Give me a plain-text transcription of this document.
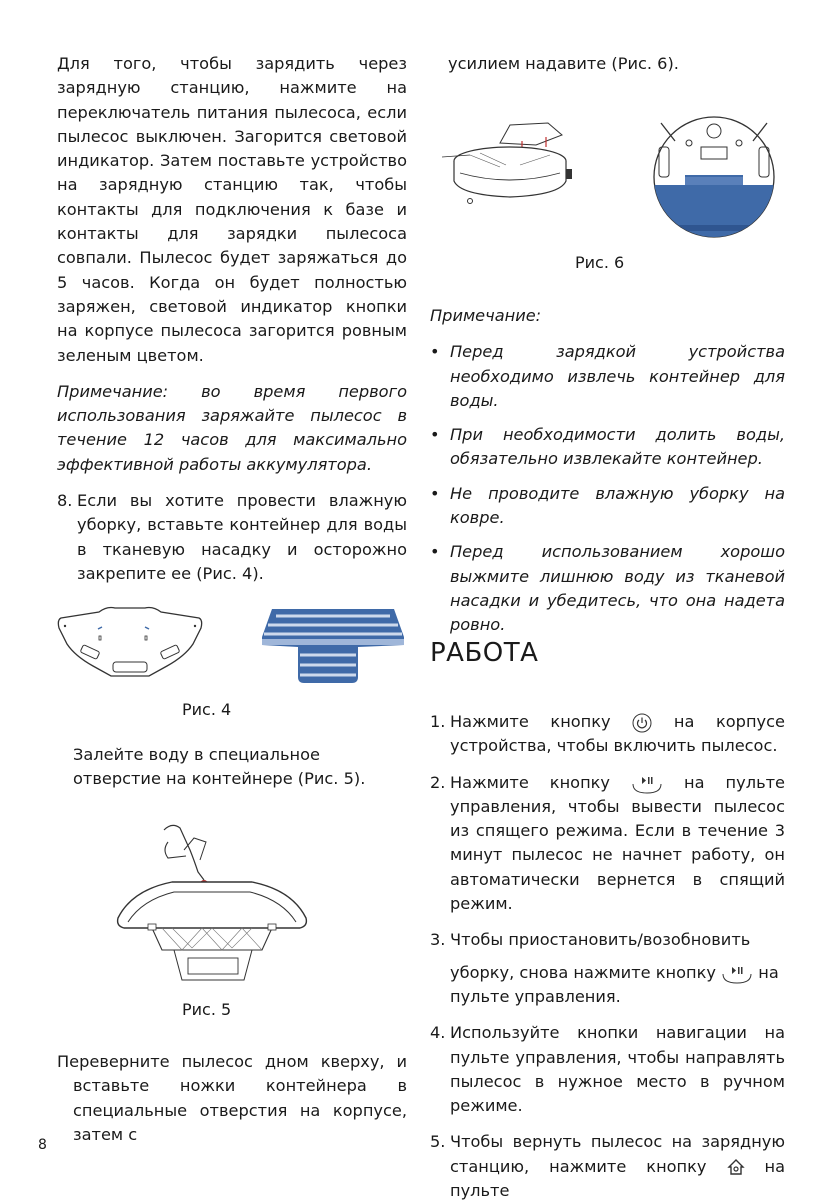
Для того, чтобы зарядить через зарядную станцию, нажмите на переключатель питания пылесоса, если пылесос выключен. Загорится световой индикатор. Затем поставьте устройство на зарядную станцию так, чтобы контакты для подключения к базе и контакты для зарядки пылесоса совпали. Пылесос будет заряжаться до 5 часов. Когда он будет полностью заряжен, световой индикатор кнопки на корпусе пылесоса загорится ровным зеленым цветом.

Примечание: во время первого использования заряжайте пылесос в течение 12 часов для максимально эффективной работы аккумулятора.

8. Если вы хотите провести влажную уборку, вставьте контейнер для воды в тканевую насадку и осторожно закрепите ее (Рис. 4).
Рис. 4

Залейте воду в специальное отверстие на контейнере (Рис. 5).

Рис. 5

Переверните пылесос дном кверху, и вставьте ножки контейнера в специальные отверстия на корпусе, затем с

усилием надавите (Рис. 6).

Рис. 6

Примечание:

• Перед зарядкой устройства необходимо извлечь контейнер для воды.
• При необходимости долить воды, обязательно извлекайте контейнер.
• Не проводите влажную уборку на ковре.
• Перед использованием хорошо выжмите лишнюю воду из тканевой насадки и убедитесь, что она надета ровно.
РАБОТА
1. Нажмите кнопку	на корпусе устройства, чтобы включить пылесос.
2. Нажмите кнопку	на пульте управления, чтобы вывести пылесос из спящего режима. Если в течение 3 минут пылесос не начнет работу, он автоматически вернется в спящий режим.
3. Чтобы приостановить/возобновить
уборку, снова нажмите кнопку	на пульте управления.
4. Используйте кнопки навигации на пульте управления, чтобы направлять пылесос в нужное место в ручном режиме.
5. Чтобы вернуть пылесос на зарядную станцию, нажмите кнопку	на пульте
8
